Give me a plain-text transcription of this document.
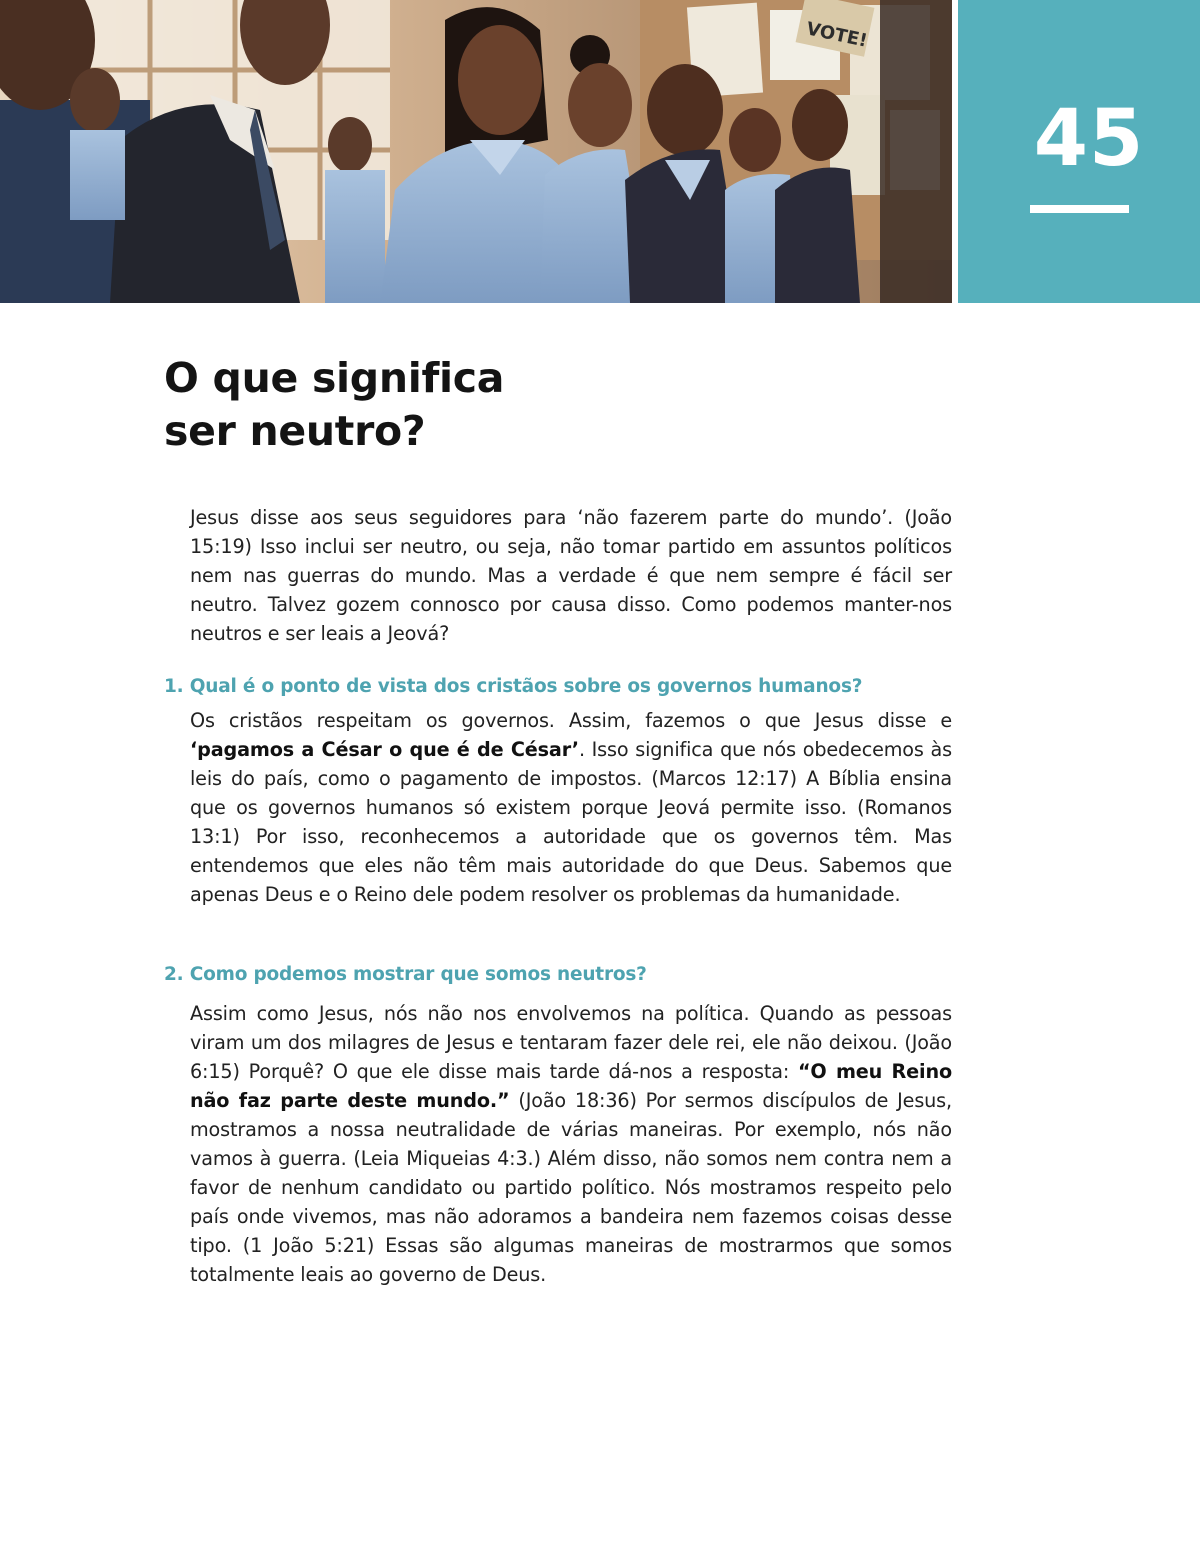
VOTE!
45
O que significa
ser neutro?

Jesus disse aos seus seguidores para ‘não fazerem parte do mundo’. (João 15:19) Isso inclui ser neutro, ou seja, não tomar partido em assuntos políticos nem nas guerras do mundo. Mas a verdade é que nem sempre é fácil ser neutro. Talvez gozem connosco por causa disso. Como podemos manter-nos neutros e ser leais a Jeová?

1. Qual é o ponto de vista dos cristãos sobre os governos humanos?

Os cristãos respeitam os governos. Assim, fazemos o que Jesus disse e ‘pagamos a César o que é de César’. Isso significa que nós obedecemos às leis do país, como o pagamento de impostos. (Marcos 12:17) A Bíblia ensina que os governos humanos só existem porque Jeová permite isso. (Romanos 13:1) Por isso, reconhecemos a autoridade que os governos têm. Mas entendemos que eles não têm mais autoridade do que Deus. Sabemos que apenas Deus e o Reino dele podem resolver os problemas da humanidade.

2. Como podemos mostrar que somos neutros?

Assim como Jesus, nós não nos envolvemos na política. Quando as pessoas viram um dos milagres de Jesus e tentaram fazer dele rei, ele não deixou. (João 6:15) Porquê? O que ele disse mais tarde dá-nos a resposta: “O meu Reino não faz parte deste mundo.” (João 18:36) Por sermos discípulos de Jesus, mostramos a nossa neutralidade de várias maneiras. Por exemplo, nós não vamos à guerra. (Leia Miqueias 4:3.) Além disso, não somos nem contra nem a favor de nenhum candidato ou partido político. Nós mostramos respeito pelo país onde vivemos, mas não adoramos a bandeira nem fazemos coisas desse tipo. (1 João 5:21) Essas são algumas maneiras de mostrarmos que somos totalmente leais ao governo de Deus.
